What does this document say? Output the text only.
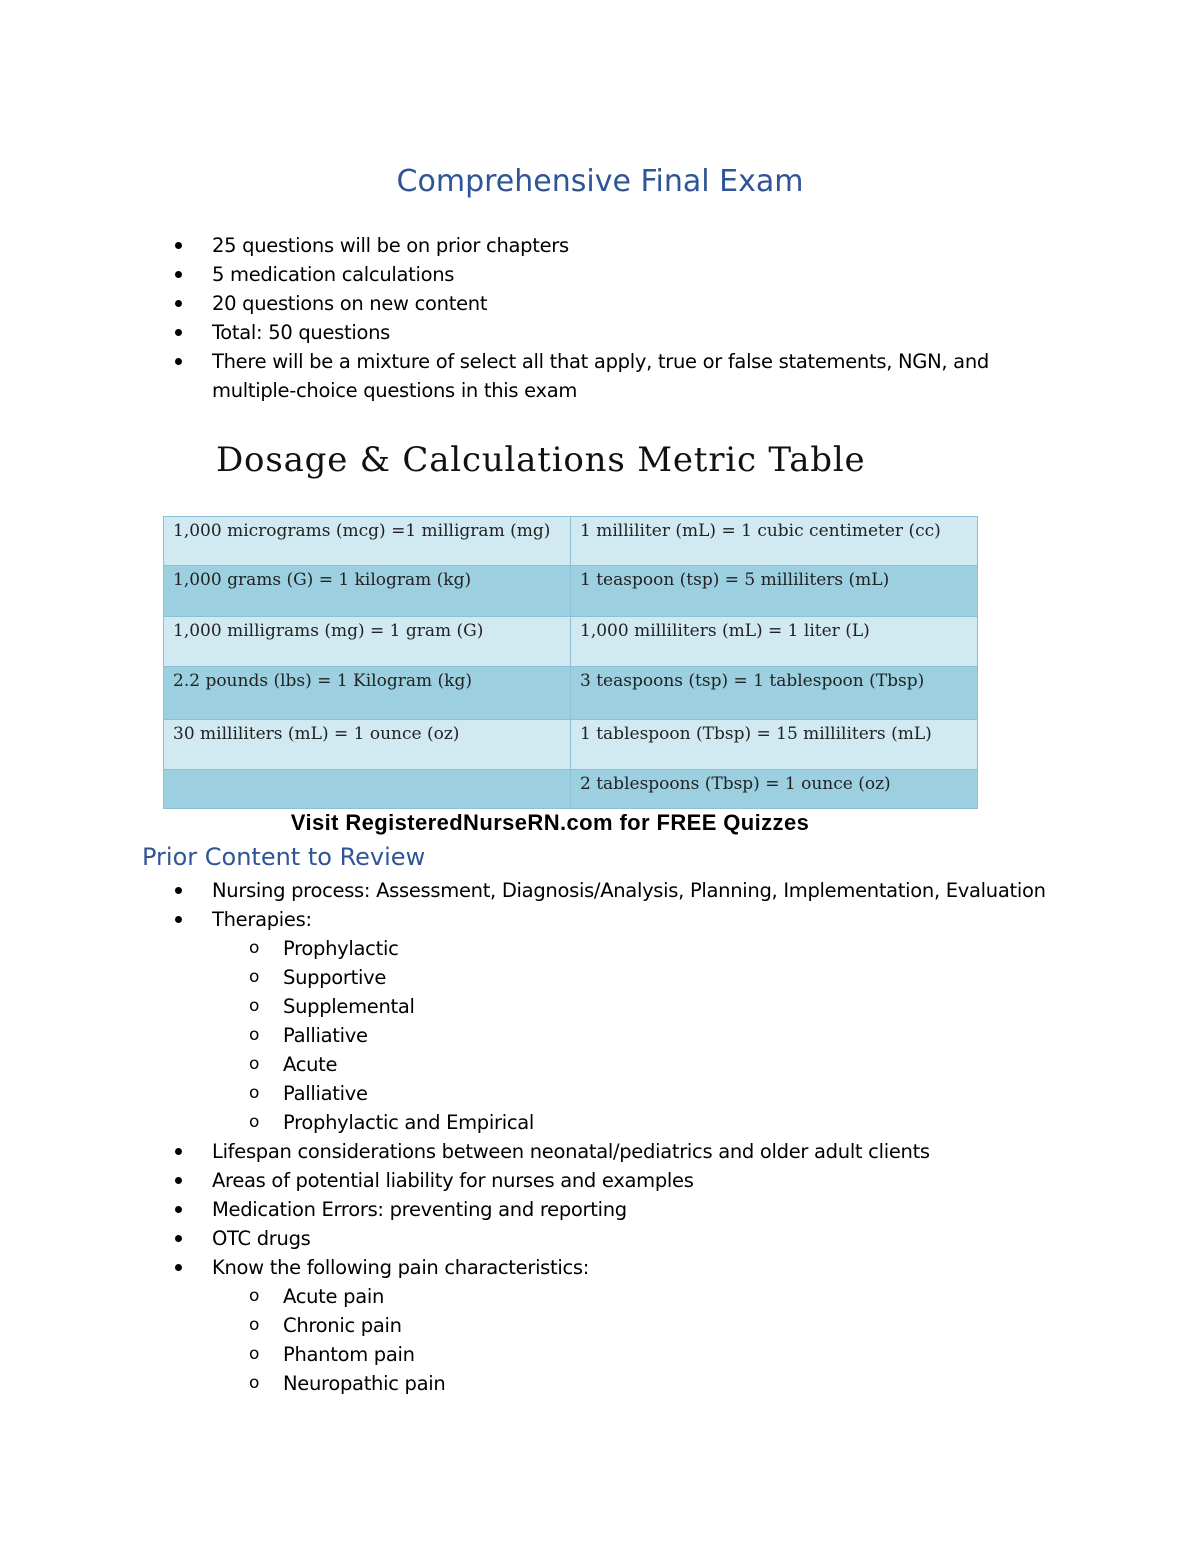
Comprehensive Final Exam
25 questions will be on prior chapters
5 medication calculations
20 questions on new content
Total: 50 questions
There will be a mixture of select all that apply, true or false statements, NGN, and multiple-choice questions in this exam
Dosage & Calculations Metric Table
1,000 micrograms (mcg) =1 milligram (mg)	1 milliliter (mL) = 1 cubic centimeter (cc)
1,000 grams (G) = 1 kilogram (kg)	1 teaspoon (tsp) = 5 milliliters (mL)
1,000 milligrams (mg) = 1 gram (G)	1,000 milliliters (mL) = 1 liter (L)
2.2 pounds (lbs) = 1 Kilogram (kg)	3 teaspoons (tsp) = 1 tablespoon (Tbsp)
30 milliliters (mL) = 1 ounce (oz)	1 tablespoon (Tbsp) = 15 milliliters (mL)
	2 tablespoons (Tbsp) = 1 ounce (oz)
Visit RegisteredNurseRN.com for FREE Quizzes
Prior Content to Review
Nursing process: Assessment, Diagnosis/Analysis, Planning, Implementation, Evaluation
Therapies:
o Prophylactic
o Supportive
o Supplemental
o Palliative
o Acute
o Palliative
o Prophylactic and Empirical
Lifespan considerations between neonatal/pediatrics and older adult clients
Areas of potential liability for nurses and examples
Medication Errors: preventing and reporting
OTC drugs
Know the following pain characteristics:
o Acute pain
o Chronic pain
o Phantom pain
o Neuropathic pain
